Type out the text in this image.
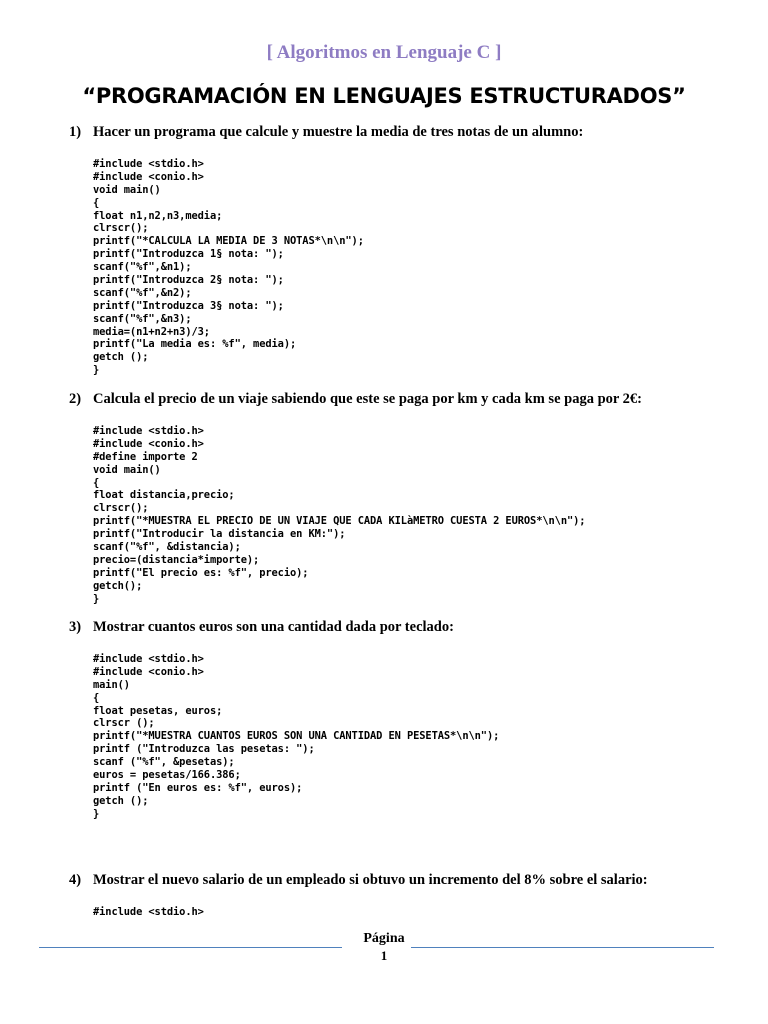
[ Algoritmos en Lenguaje C ]
“PROGRAMACIÓN EN LENGUAJES ESTRUCTURADOS”
1) Hacer un programa que calcule y muestre la media de tres notas de un alumno:
#include <stdio.h>
#include <conio.h>
void main()
{
float n1,n2,n3,media;
clrscr();
printf("*CALCULA LA MEDIA DE 3 NOTAS*\n\n");
printf("Introduzca 1§ nota: ");
scanf("%f",&n1);
printf("Introduzca 2§ nota: ");
scanf("%f",&n2);
printf("Introduzca 3§ nota: ");
scanf("%f",&n3);
media=(n1+n2+n3)/3;
printf("La media es: %f", media);
getch ();
}
2) Calcula el precio de un viaje sabiendo que este se paga por km y cada km se paga por 2€:
#include <stdio.h>
#include <conio.h>
#define importe 2
void main()
{
float distancia,precio;
clrscr();
printf("*MUESTRA EL PRECIO DE UN VIAJE QUE CADA KILàMETRO CUESTA 2 EUROS*\n\n");
printf("Introducir la distancia en KM:");
scanf("%f", &distancia);
precio=(distancia*importe);
printf("El precio es: %f", precio);
getch();
}
3) Mostrar cuantos euros son una cantidad dada por teclado:
#include <stdio.h>
#include <conio.h>
main()
{
float pesetas, euros;
clrscr ();
printf("*MUESTRA CUANTOS EUROS SON UNA CANTIDAD EN PESETAS*\n\n");
printf ("Introduzca las pesetas: ");
scanf ("%f", &pesetas);
euros = pesetas/166.386;
printf ("En euros es: %f", euros);
getch ();
}
4) Mostrar el nuevo salario de un empleado si obtuvo un incremento del 8% sobre el salario:
#include <stdio.h>
Página
1
